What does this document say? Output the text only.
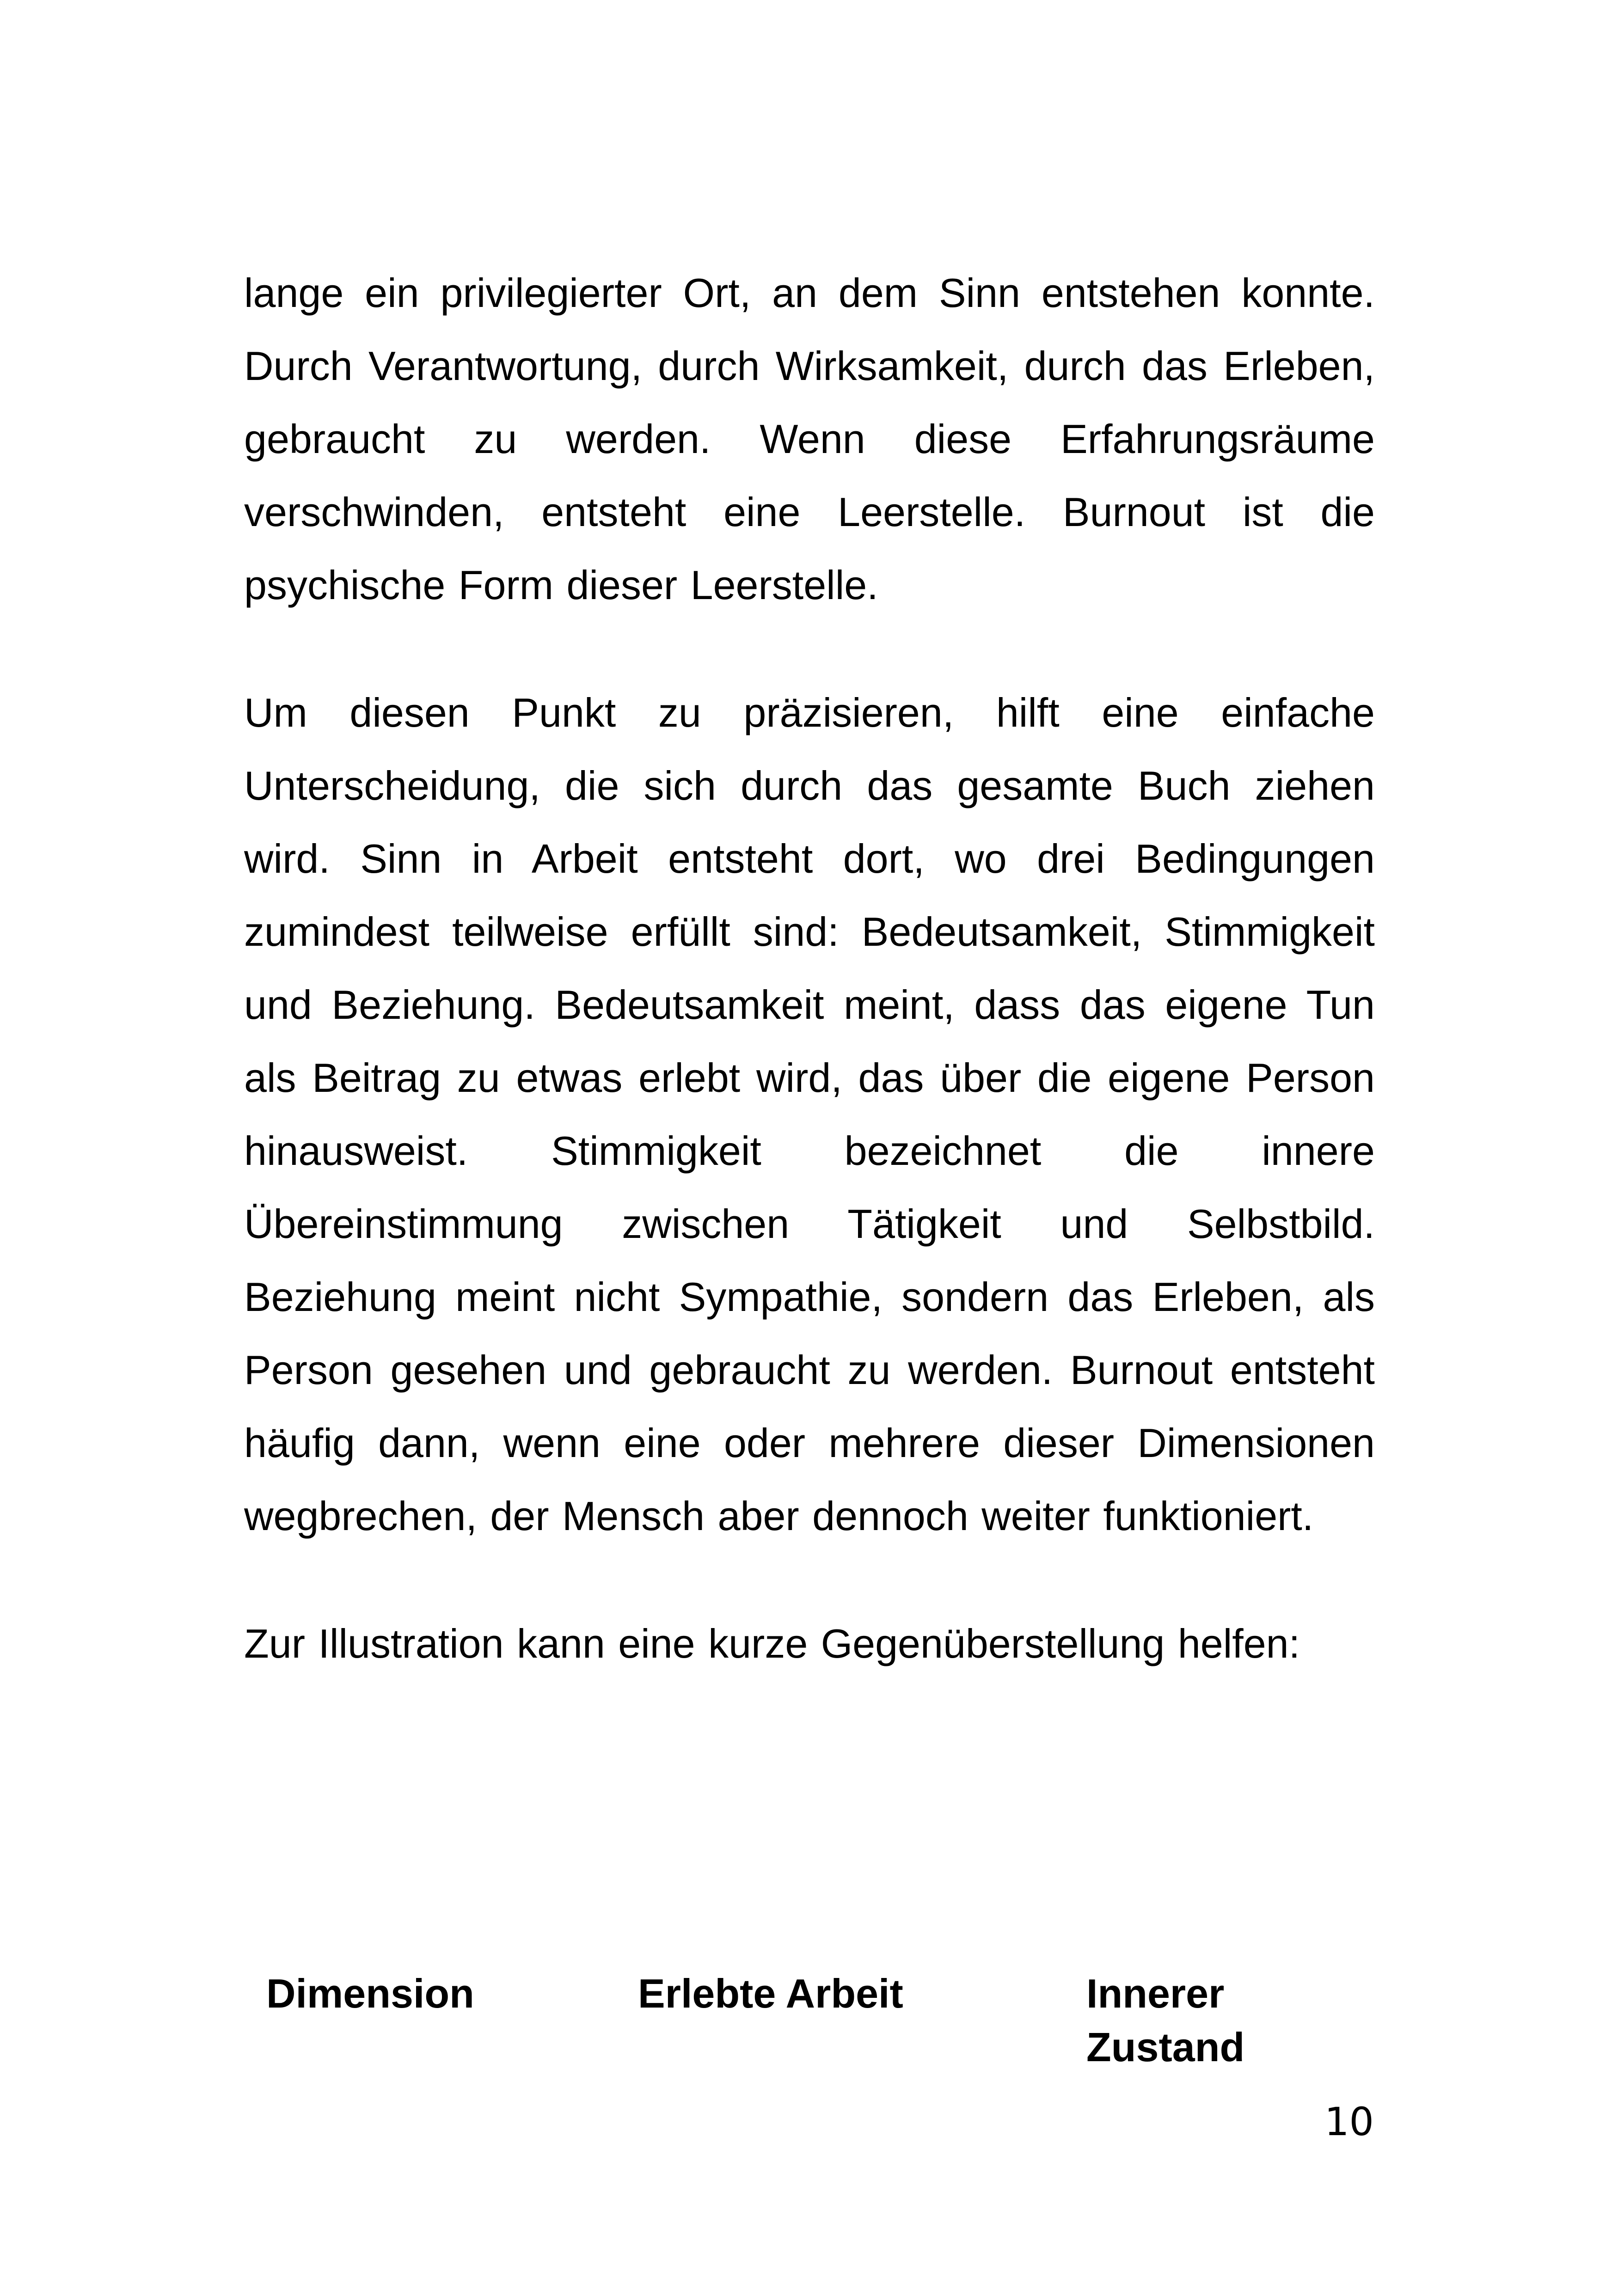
lange ein privilegierter Ort, an dem Sinn entstehen konnte. Durch Verantwortung, durch Wirksamkeit, durch das Erleben, gebraucht zu werden. Wenn diese Erfahrungsräume verschwinden, entsteht eine Leerstelle. Burnout ist die psychische Form dieser Leerstelle.

Um diesen Punkt zu präzisieren, hilft eine einfache Unterscheidung, die sich durch das gesamte Buch ziehen wird. Sinn in Arbeit entsteht dort, wo drei Bedingungen zumindest teilweise erfüllt sind: Bedeutsamkeit, Stimmigkeit und Beziehung. Bedeutsamkeit meint, dass das eigene Tun als Beitrag zu etwas erlebt wird, das über die eigene Person hinausweist. Stimmigkeit bezeichnet die innere Übereinstimmung zwischen Tätigkeit und Selbstbild. Beziehung meint nicht Sympathie, sondern das Erleben, als Person gesehen und gebraucht zu werden. Burnout entsteht häufig dann, wenn eine oder mehrere dieser Dimensionen wegbrechen, der Mensch aber dennoch weiter funktioniert.

Zur Illustration kann eine kurze Gegenüberstellung helfen:

Dimension	Erlebte Arbeit	Innerer Zustand
10
